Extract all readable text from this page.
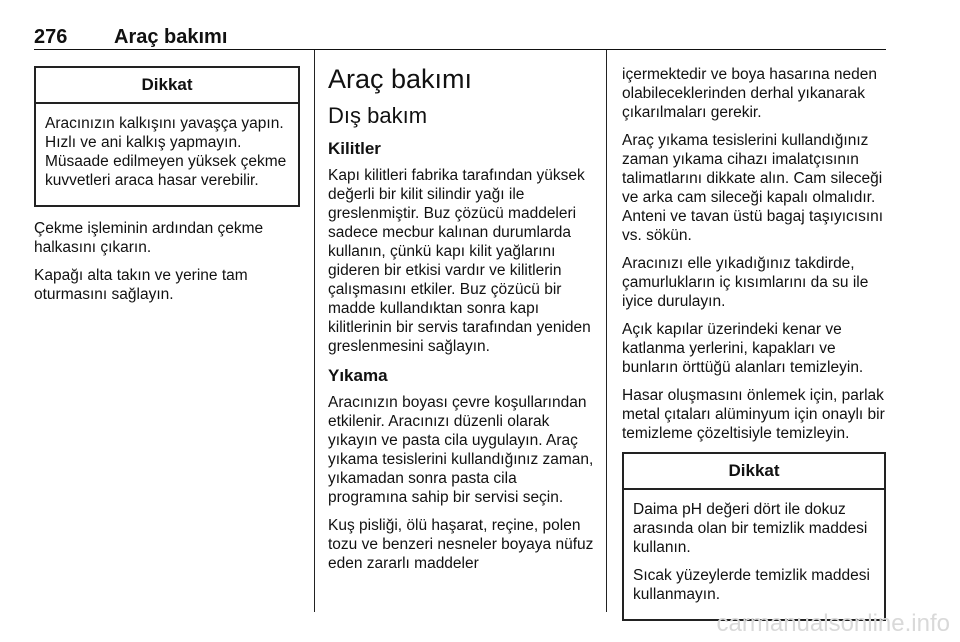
276 Araç bakımı
Dikkat

Aracınızın kalkışını yavaşça yapın. Hızlı ve ani kalkış yapmayın. Müsaade edilmeyen yüksek çekme kuvvetleri araca hasar verebilir.

Çekme işleminin ardından çekme halkasını çıkarın.

Kapağı alta takın ve yerine tam oturmasını sağlayın.

Araç bakımı
Dış bakım
Kilitler

Kapı kilitleri fabrika tarafından yüksek değerli bir kilit silindir yağı ile greslenmiştir. Buz çözücü maddeleri sadece mecbur kalınan durumlarda kullanın, çünkü kapı kilit yağlarını gideren bir etkisi vardır ve kilitlerin çalışmasını etkiler. Buz çözücü bir madde kullandıktan sonra kapı kilitlerinin bir servis tarafından yeniden greslenmesini sağlayın.

Yıkama

Aracınızın boyası çevre koşullarından etkilenir. Aracınızı düzenli olarak yıkayın ve pasta cila uygulayın. Araç yıkama tesislerini kullandığınız zaman, yıkamadan sonra pasta cila programına sahip bir servisi seçin.

Kuş pisliği, ölü haşarat, reçine, polen tozu ve benzeri nesneler boyaya nüfuz eden zararlı maddeler

içermektedir ve boya hasarına neden olabileceklerinden derhal yıkanarak çıkarılmaları gerekir.

Araç yıkama tesislerini kullandığınız zaman yıkama cihazı imalatçısının talimatlarını dikkate alın. Cam sileceği ve arka cam sileceği kapalı olmalıdır. Anteni ve tavan üstü bagaj taşıyıcısını vs. sökün.

Aracınızı elle yıkadığınız takdirde, çamurlukların iç kısımlarını da su ile iyice durulayın.

Açık kapılar üzerindeki kenar ve katlanma yerlerini, kapakları ve bunların örttüğü alanları temizleyin.

Hasar oluşmasını önlemek için, parlak metal çıtaları alüminyum için onaylı bir temizleme çözeltisiyle temizleyin.

Dikkat

Daima pH değeri dört ile dokuz arasında olan bir temizlik maddesi kullanın.

Sıcak yüzeylerde temizlik maddesi kullanmayın.

carmanualsonline.info
